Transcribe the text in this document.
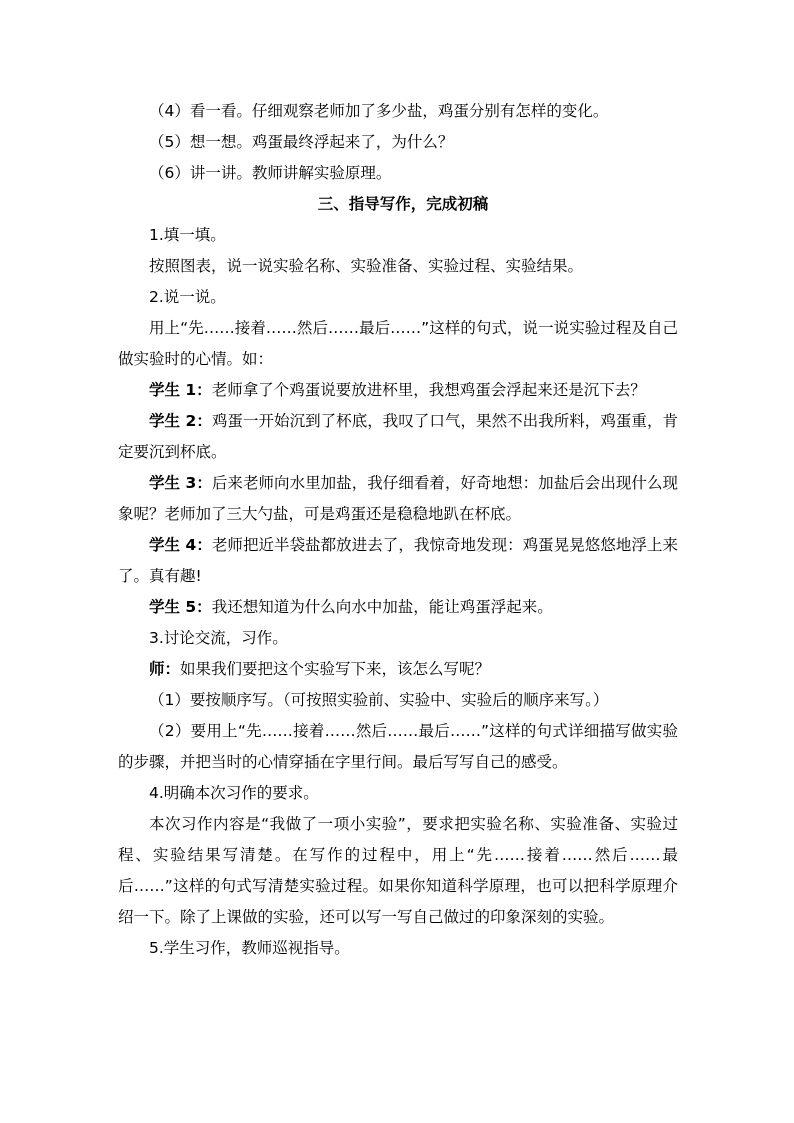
（4）看一看。仔细观察老师加了多少盐，鸡蛋分别有怎样的变化。

（5）想一想。鸡蛋最终浮起来了，为什么？

（6）讲一讲。教师讲解实验原理。

三、指导写作，完成初稿

1.填一填。

按照图表，说一说实验名称、实验准备、实验过程、实验结果。

2.说一说。

用上“先……接着……然后……最后……”这样的句式，说一说实验过程及自己做实验时的心情。如：

学生 1：老师拿了个鸡蛋说要放进杯里，我想鸡蛋会浮起来还是沉下去？

学生 2：鸡蛋一开始沉到了杯底，我叹了口气，果然不出我所料，鸡蛋重，肯定要沉到杯底。

学生 3：后来老师向水里加盐，我仔细看着，好奇地想：加盐后会出现什么现象呢？老师加了三大勺盐，可是鸡蛋还是稳稳地趴在杯底。

学生 4：老师把近半袋盐都放进去了，我惊奇地发现：鸡蛋晃晃悠悠地浮上来了。真有趣!

学生 5：我还想知道为什么向水中加盐，能让鸡蛋浮起来。

3.讨论交流，习作。

师：如果我们要把这个实验写下来，该怎么写呢？

（1）要按顺序写。（可按照实验前、实验中、实验后的顺序来写。）

（2）要用上“先……接着……然后……最后……”这样的句式详细描写做实验的步骤，并把当时的心情穿插在字里行间。最后写写自己的感受。

4.明确本次习作的要求。

本次习作内容是“我做了一项小实验”，要求把实验名称、实验准备、实验过程、实验结果写清楚。在写作的过程中，用上“先……接着……然后……最后……”这样的句式写清楚实验过程。如果你知道科学原理，也可以把科学原理介绍一下。除了上课做的实验，还可以写一写自己做过的印象深刻的实验。

5.学生习作，教师巡视指导。
